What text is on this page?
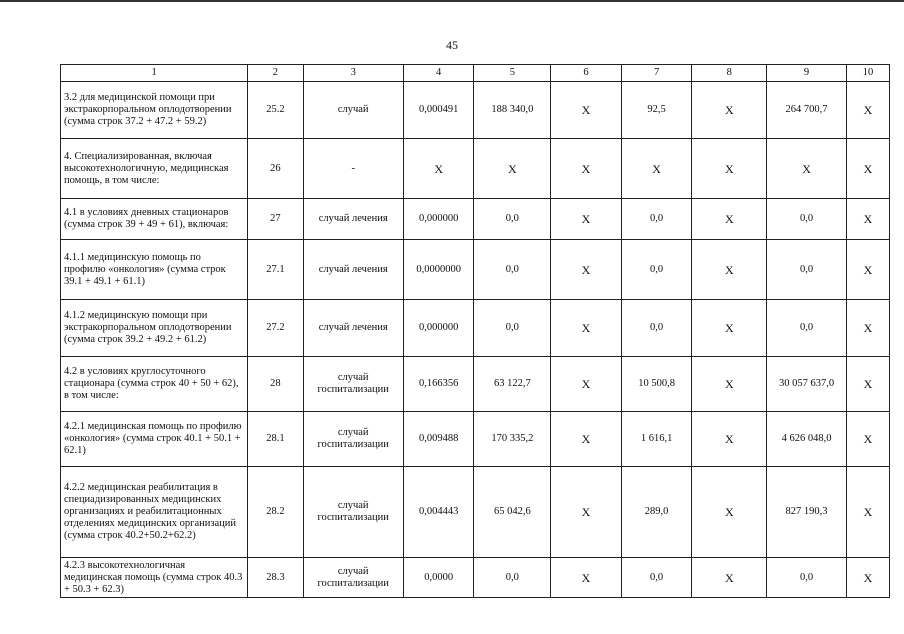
45
1	2	3	4	5	6	7	8	9	10
3.2 для медицинской помощи при экстракорпоральном оплодотворении (сумма строк 37.2 + 47.2 + 59.2)	25.2	случай	0,000491	188 340,0	Х	92,5	Х	264 700,7	Х
4. Специализированная, включая высокотехнологичную, медицинская помощь, в том числе:	26	-	Х	Х	Х	Х	Х	Х	Х
4.1 в условиях дневных стационаров (сумма строк 39 + 49 + 61), включая:	27	случай лечения	0,000000	0,0	Х	0,0	Х	0,0	Х
4.1.1 медицинскую помощь по профилю «онкология» (сумма строк 39.1 + 49.1 + 61.1)	27.1	случай лечения	0,0000000	0,0	Х	0,0	Х	0,0	Х
4.1.2 медицинскую помощи при экстракорпоральном оплодотворении (сумма строк 39.2 + 49.2 + 61.2)	27.2	случай лечения	0,000000	0,0	Х	0,0	Х	0,0	Х
4.2 в условиях круглосуточного стационара (сумма строк 40 + 50 + 62), в том числе:	28	случай госпитализации	0,166356	63 122,7	Х	10 500,8	Х	30 057 637,0	Х
4.2.1 медицинская помощь по профилю «онкология» (сумма строк 40.1 + 50.1 + 62.1)	28.1	случай госпитализации	0,009488	170 335,2	Х	1 616,1	Х	4 626 048,0	Х
4.2.2 медицинская реабилитация в специадизированных медицинских организациях и реабилитационных отделениях медицинских организаций (сумма строк 40.2+50.2+62.2)	28.2	случай госпитализации	0,004443	65 042,6	Х	289,0	Х	827 190,3	Х
4.2.3 высокотехнологичная медицинская помощь (сумма строк 40.3 + 50.3 + 62.3)	28.3	случай госпитализации	0,0000	0,0	Х	0,0	Х	0,0	Х
